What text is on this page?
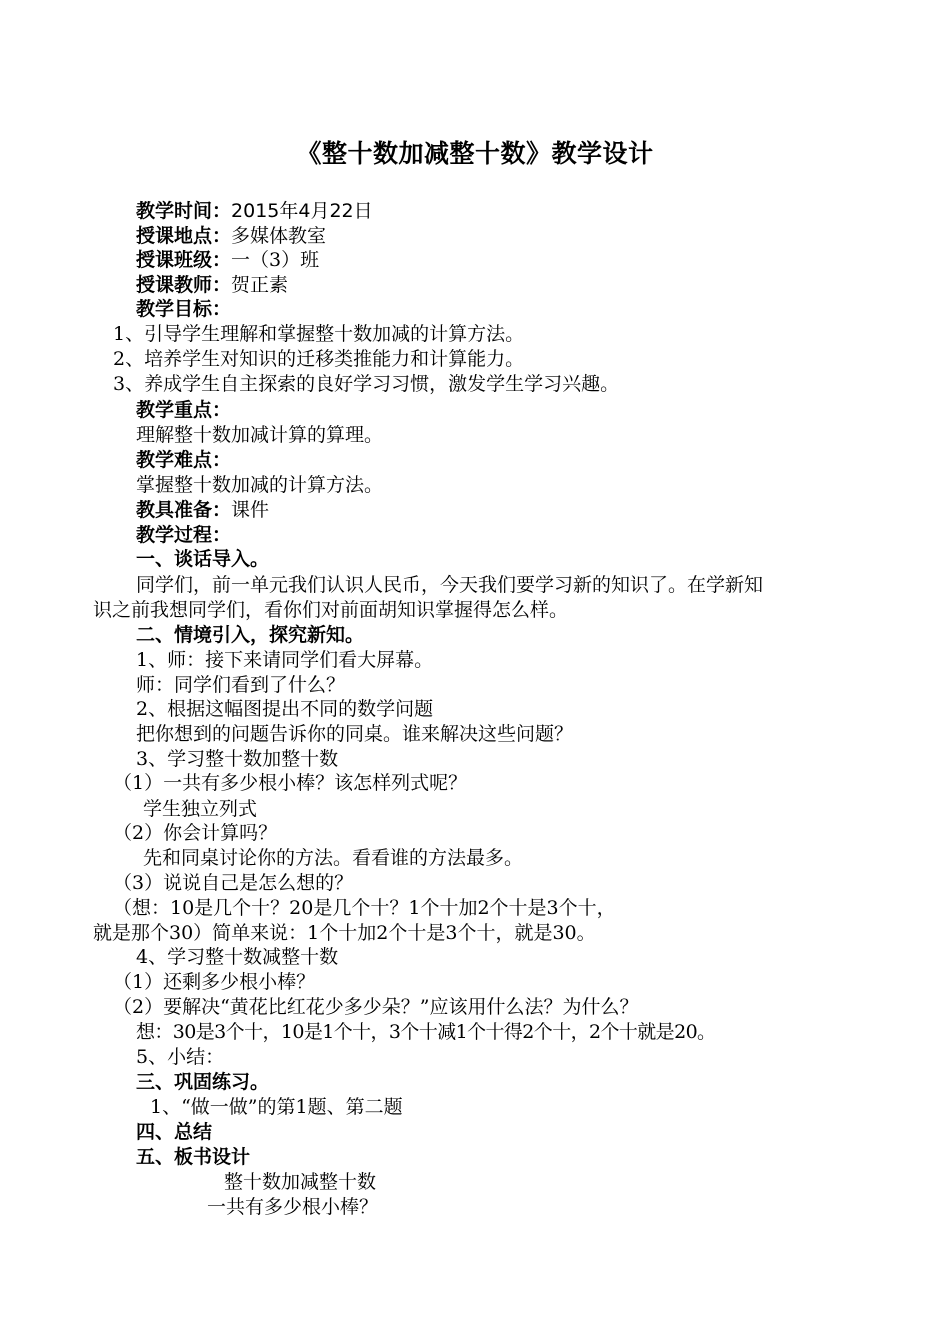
《整十数加减整十数》教学设计
教学时间：2015年4月22日
授课地点：多媒体教室
授课班级：一（3）班
授课教师：贺正素
教学目标：
1、引导学生理解和掌握整十数加减的计算方法。
2、培养学生对知识的迁移类推能力和计算能力。
3、养成学生自主探索的良好学习习惯，激发学生学习兴趣。
教学重点：
理解整十数加减计算的算理。
教学难点：
掌握整十数加减的计算方法。
教具准备：课件
教学过程：
一、谈话导入。
同学们，前一单元我们认识人民币，今天我们要学习新的知识了。在学新知
识之前我想同学们，看你们对前面胡知识掌握得怎么样。
二、情境引入，探究新知。
1、师：接下来请同学们看大屏幕。
师：同学们看到了什么？
2、根据这幅图提出不同的数学问题
把你想到的问题告诉你的同桌。谁来解决这些问题？
3、学习整十数加整十数
（1）一共有多少根小棒？该怎样列式呢？
学生独立列式
（2）你会计算吗？
先和同桌讨论你的方法。看看谁的方法最多。
（3）说说自己是怎么想的？
（想：10是几个十？20是几个十？1个十加2个十是3个十，
就是那个30）简单来说：1个十加2个十是3个十，就是30。
4、学习整十数减整十数
（1）还剩多少根小棒？
（2）要解决“黄花比红花少多少朵？”应该用什么法？为什么？
想：30是3个十，10是1个十，3个十减1个十得2个十，2个十就是20。
5、小结：
三、巩固练习。
1、“做一做”的第1题、第二题
四、总结
五、板书设计
整十数加减整十数
一共有多少根小棒？
